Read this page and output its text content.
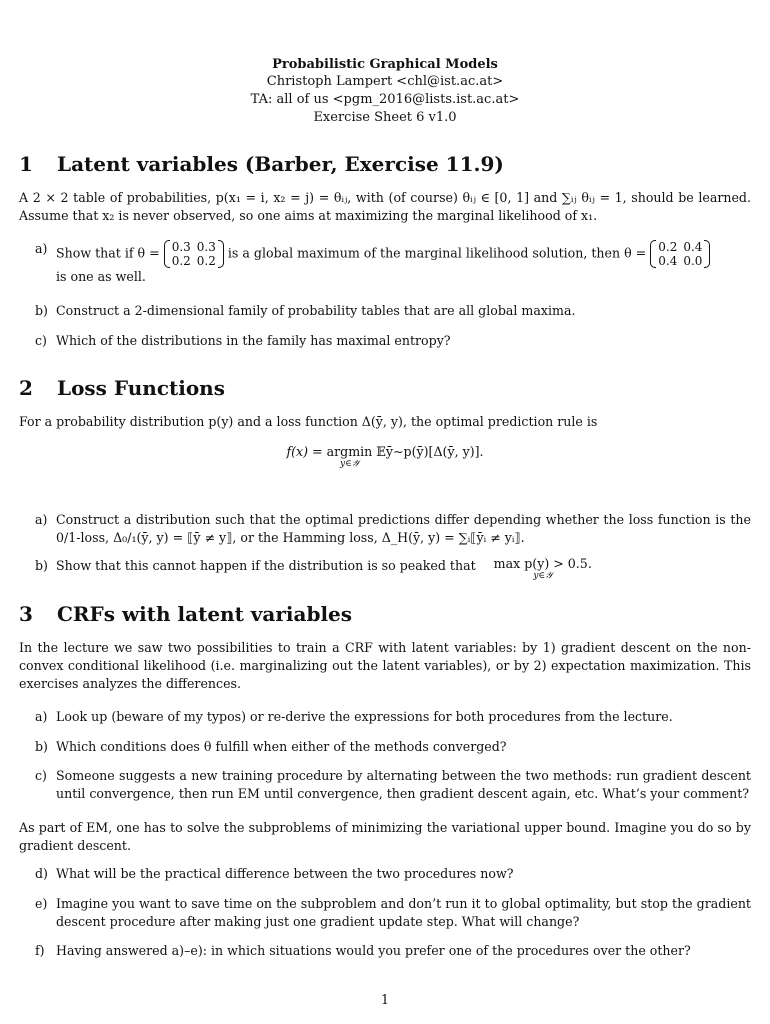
Probabilistic Graphical Models
Christoph Lampert <chl@ist.ac.at>
TA: all of us <pgm_2016@lists.ist.ac.at>
Exercise Sheet 6 v1.0
1 Latent variables (Barber, Exercise 11.9)
A 2 × 2 table of probabilities, p(x₁ = i, x₂ = j) = θᵢⱼ, with (of course) θᵢⱼ ∈ [0, 1] and ∑ᵢⱼ θᵢⱼ = 1, should be learned. Assume that x₂ is never observed, so one aims at maximizing the marginal likelihood of x₁.
a) Show that if θ = 0.3	0.3
0.2	0.2
is a global maximum of the marginal likelihood solution, then θ = 0.2	0.4
0.4	0.0

is one as well.
b) Construct a 2-dimensional family of probability tables that are all global maxima.
c) Which of the distributions in the family has maximal entropy?
2 Loss Functions
For a probability distribution p(y) and a loss function Δ(ȳ, y), the optimal prediction rule is
f(x) = argmin
y∈𝒴
𝔼ȳ∼p(ȳ)[Δ(ȳ, y)].
a) Construct a distribution such that the optimal predictions differ depending whether the loss function is the 0/1-loss, Δ₀/₁(ȳ, y) = ⟦ȳ ≠ y⟧, or the Hamming loss, Δ_H(ȳ, y) = ∑ᵢ⟦ȳᵢ ≠ yᵢ⟧.
b) Show that this cannot happen if the distribution is so peaked that max p(y) > 0.5.
y∈𝒴
3 CRFs with latent variables
In the lecture we saw two possibilities to train a CRF with latent variables: by 1) gradient descent on the non-convex conditional likelihood (i.e. marginalizing out the latent variables), or by 2) expectation maximization. This exercises analyzes the differences.
a) Look up (beware of my typos) or re-derive the expressions for both procedures from the lecture.
b) Which conditions does θ fulfill when either of the methods converged?
c) Someone suggests a new training procedure by alternating between the two methods: run gradient descent until convergence, then run EM until convergence, then gradient descent again, etc. What’s your comment?
As part of EM, one has to solve the subproblems of minimizing the variational upper bound. Imagine you do so by gradient descent.
d) What will be the practical difference between the two procedures now?
e) Imagine you want to save time on the subproblem and don’t run it to global optimality, but stop the gradient descent procedure after making just one gradient update step. What will change?
f) Having answered a)–e): in which situations would you prefer one of the procedures over the other?
1
